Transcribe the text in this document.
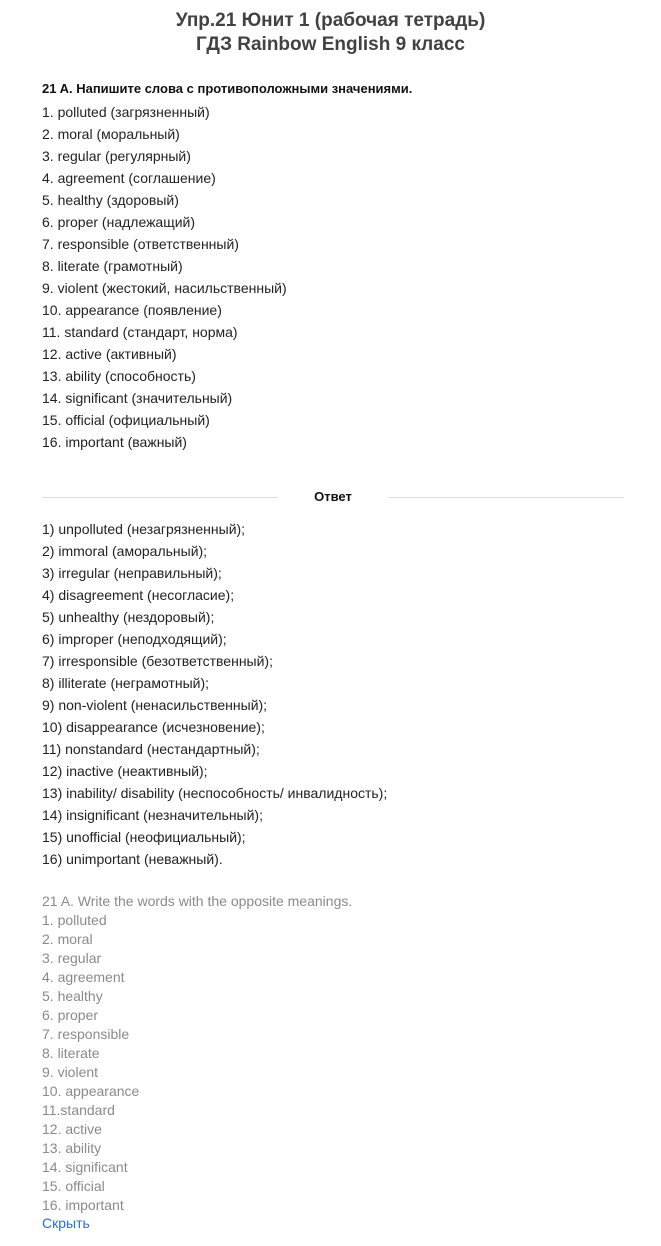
Упр.21 Юнит 1 (рабочая тетрадь)
ГДЗ Rainbow English 9 класс
21 A. Напишите слова с противоположными значениями.
1. polluted (загрязненный)
2. moral (моральный)
3. regular (регулярный)
4. agreement (соглашение)
5. healthy (здоровый)
6. proper (надлежащий)
7. responsible (ответственный)
8. literate (грамотный)
9. violent (жестокий, насильственный)
10. appearance (появление)
11. standard (стандарт, норма)
12. active (активный)
13. ability (способность)
14. significant (значительный)
15. official (официальный)
16. important (важный)
Ответ
1) unpolluted (незагрязненный);
2) immoral (аморальный);
3) irregular (неправильный);
4) disagreement (несогласие);
5) unhealthy (нездоровый);
6) improper (неподходящий);
7) irresponsible (безответственный);
8) illiterate (неграмотный);
9) non-violent (ненасильственный);
10) disappearance (исчезновение);
11) nonstandard (нестандартный);
12) inactive (неактивный);
13) inability/ disability (неспособность/ инвалидность);
14) insignificant (незначительный);
15) unofficial (неофициальный);
16) unimportant (неважный).
21 A. Write the words with the opposite meanings.
1. polluted
2. moral
3. regular
4. agreement
5. healthy
6. proper
7. responsible
8. literate
9. violent
10. appearance
11.standard
12. active
13. ability
14. significant
15. official
16. important
Скрыть
